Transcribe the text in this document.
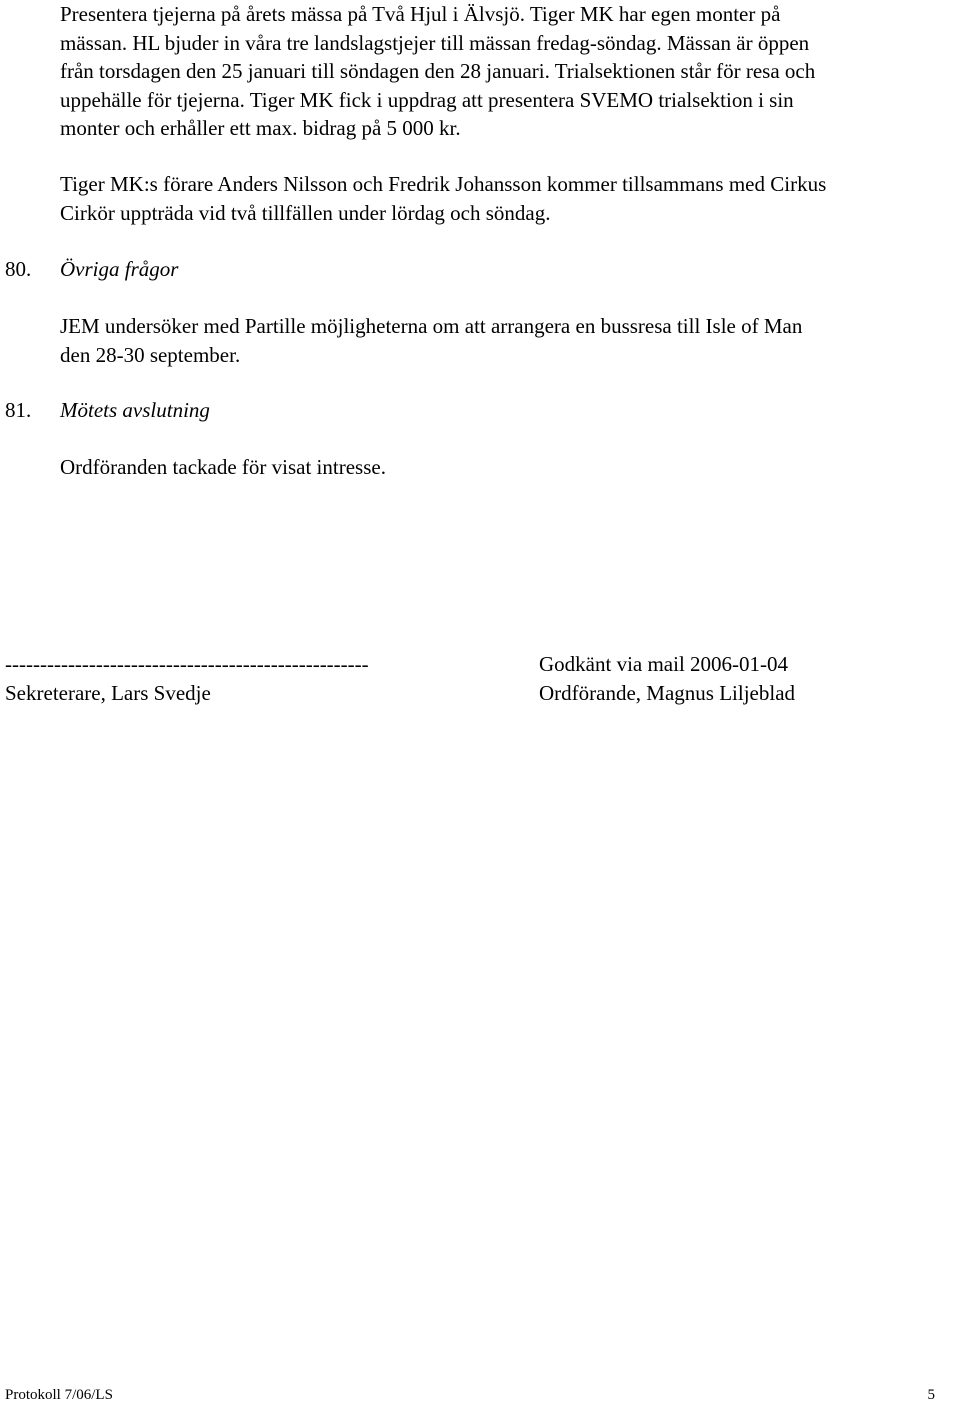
Presentera tjejerna på årets mässa på Två Hjul i Älvsjö. Tiger MK har egen monter på
mässan. HL bjuder in våra tre landslagstjejer till mässan fredag-söndag. Mässan är öppen
från torsdagen den 25 januari till söndagen den 28 januari. Trialsektionen står för resa och
uppehälle för tjejerna. Tiger MK fick i uppdrag att presentera SVEMO trialsektion i sin
monter och erhåller ett max. bidrag på 5 000 kr.
Tiger MK:s förare Anders Nilsson och Fredrik Johansson kommer tillsammans med Cirkus
Cirkör uppträda vid två tillfällen under lördag och söndag.
80. Övriga frågor
JEM undersöker med Partille möjligheterna om att arrangera en bussresa till Isle of Man
den 28-30 september.
81. Mötets avslutning
Ordföranden tackade för visat intresse.
----------------------------------------------------
Sekreterare, Lars Svedje
Godkänt via mail 2006-01-04
Ordförande, Magnus Liljeblad
Protokoll 7/06/LS	5
